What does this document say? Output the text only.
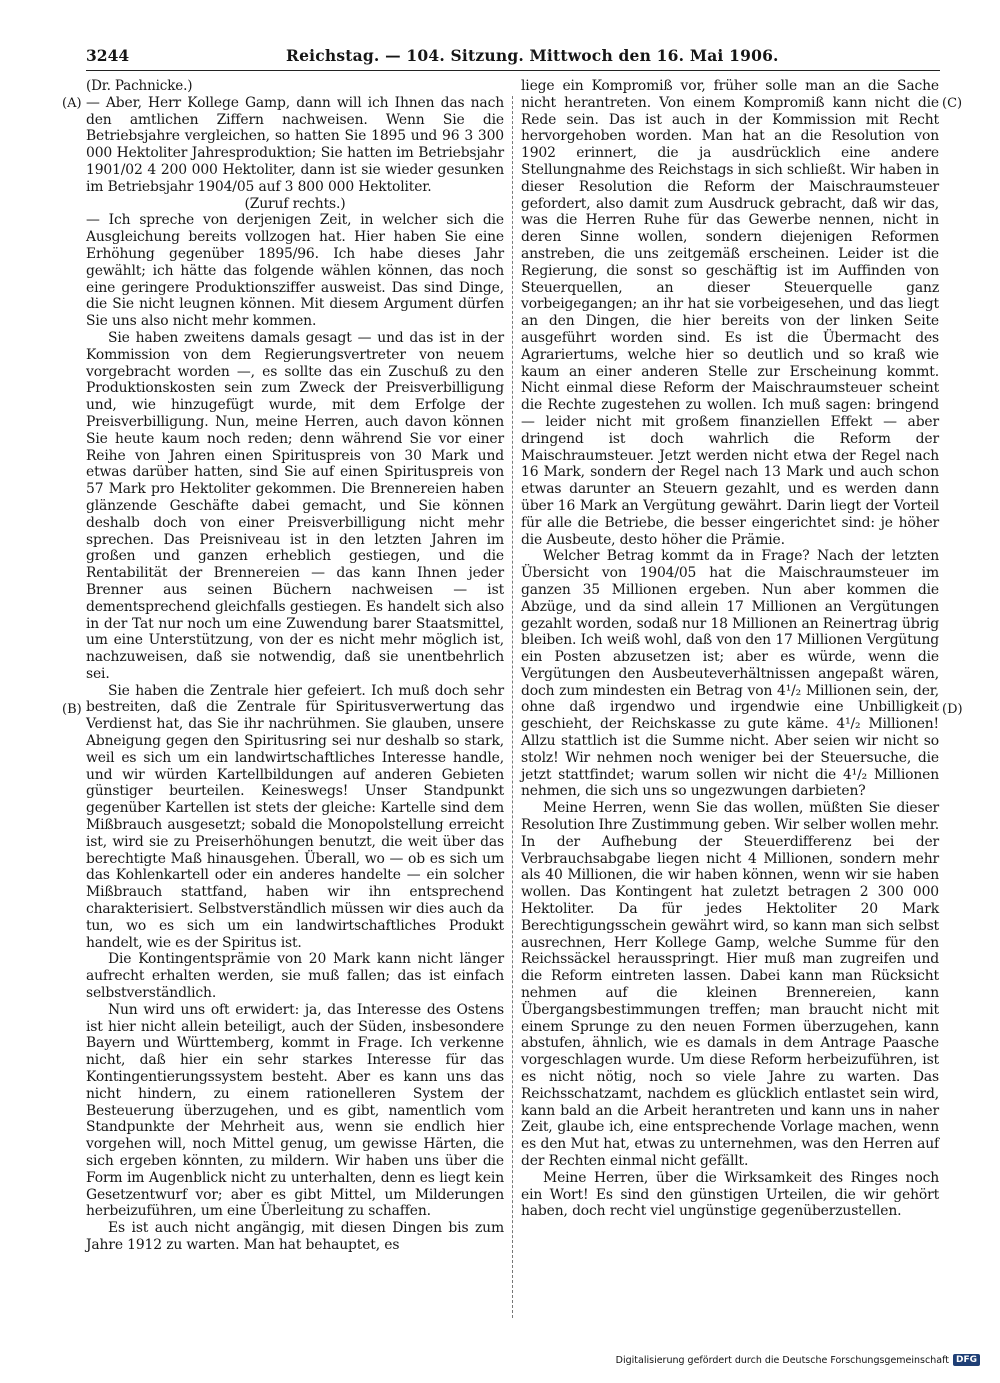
3244	Reichstag. — 104. Sitzung. Mittwoch den 16. Mai 1906.
(A)
(B)
(C)
(D)

(Dr. Pachnicke.)

— Aber, Herr Kollege Gamp, dann will ich Ihnen das nach den amtlichen Ziffern nachweisen. Wenn Sie die Betriebsjahre vergleichen, so hatten Sie 1895 und 96 3 300 000 Hektoliter Jahresproduktion; Sie hatten im Betriebsjahr 1901/02 4 200 000 Hektoliter, dann ist sie wieder gesunken im Betriebsjahr 1904/05 auf 3 800 000 Hektoliter.

(Zuruf rechts.)

— Ich spreche von derjenigen Zeit, in welcher sich die Ausgleichung bereits vollzogen hat. Hier haben Sie eine Erhöhung gegenüber 1895/96. Ich habe dieses Jahr gewählt; ich hätte das folgende wählen können, das noch eine geringere Produktionsziffer ausweist. Das sind Dinge, die Sie nicht leugnen können. Mit diesem Argument dürfen Sie uns also nicht mehr kommen.

Sie haben zweitens damals gesagt — und das ist in der Kommission von dem Regierungsvertreter von neuem vorgebracht worden —, es sollte das ein Zuschuß zu den Produktionskosten sein zum Zweck der Preisverbilligung und, wie hinzugefügt wurde, mit dem Erfolge der Preisverbilligung. Nun, meine Herren, auch davon können Sie heute kaum noch reden; denn während Sie vor einer Reihe von Jahren einen Spirituspreis von 30 Mark und etwas darüber hatten, sind Sie auf einen Spirituspreis von 57 Mark pro Hektoliter gekommen. Die Brennereien haben glänzende Geschäfte dabei gemacht, und Sie können deshalb doch von einer Preisverbilligung nicht mehr sprechen. Das Preisniveau ist in den letzten Jahren im großen und ganzen erheblich gestiegen, und die Rentabilität der Brennereien — das kann Ihnen jeder Brenner aus seinen Büchern nachweisen — ist dementsprechend gleichfalls gestiegen. Es handelt sich also in der Tat nur noch um eine Zuwendung barer Staatsmittel, um eine Unterstützung, von der es nicht mehr möglich ist, nachzuweisen, daß sie notwendig, daß sie unentbehrlich sei.

Sie haben die Zentrale hier gefeiert. Ich muß doch sehr bestreiten, daß die Zentrale für Spiritusverwertung das Verdienst hat, das Sie ihr nachrühmen. Sie glauben, unsere Abneigung gegen den Spiritusring sei nur deshalb so stark, weil es sich um ein landwirtschaftliches Interesse handle, und wir würden Kartellbildungen auf anderen Gebieten günstiger beurteilen. Keineswegs! Unser Standpunkt gegenüber Kartellen ist stets der gleiche: Kartelle sind dem Mißbrauch ausgesetzt; sobald die Monopolstellung erreicht ist, wird sie zu Preiserhöhungen benutzt, die weit über das berechtigte Maß hinausgehen. Überall, wo — ob es sich um das Kohlenkartell oder ein anderes handelte — ein solcher Mißbrauch stattfand, haben wir ihn entsprechend charakterisiert. Selbstverständlich müssen wir dies auch da tun, wo es sich um ein landwirtschaftliches Produkt handelt, wie es der Spiritus ist.

Die Kontingentsprämie von 20 Mark kann nicht länger aufrecht erhalten werden, sie muß fallen; das ist einfach selbstverständlich.

Nun wird uns oft erwidert: ja, das Interesse des Ostens ist hier nicht allein beteiligt, auch der Süden, insbesondere Bayern und Württemberg, kommt in Frage. Ich verkenne nicht, daß hier ein sehr starkes Interesse für das Kontingentierungssystem besteht. Aber es kann uns das nicht hindern, zu einem rationelleren System der Besteuerung überzugehen, und es gibt, namentlich vom Standpunkte der Mehrheit aus, wenn sie endlich hier vorgehen will, noch Mittel genug, um gewisse Härten, die sich ergeben könnten, zu mildern. Wir haben uns über die Form im Augenblick nicht zu unterhalten, denn es liegt kein Gesetzentwurf vor; aber es gibt Mittel, um Milderungen herbeizuführen, um eine Überleitung zu schaffen.

Es ist auch nicht angängig, mit diesen Dingen bis zum Jahre 1912 zu warten. Man hat behauptet, es

liege ein Kompromiß vor, früher solle man an die Sache nicht herantreten. Von einem Kompromiß kann nicht die Rede sein. Das ist auch in der Kommission mit Recht hervorgehoben worden. Man hat an die Resolution von 1902 erinnert, die ja ausdrücklich eine andere Stellungnahme des Reichstags in sich schließt. Wir haben in dieser Resolution die Reform der Maischraumsteuer gefordert, also damit zum Ausdruck gebracht, daß wir das, was die Herren Ruhe für das Gewerbe nennen, nicht in deren Sinne wollen, sondern diejenigen Reformen anstreben, die uns zeitgemäß erscheinen. Leider ist die Regierung, die sonst so geschäftig ist im Auffinden von Steuerquellen, an dieser Steuerquelle ganz vorbeigegangen; an ihr hat sie vorbeigesehen, und das liegt an den Dingen, die hier bereits von der linken Seite ausgeführt worden sind. Es ist die Übermacht des Agrariertums, welche hier so deutlich und so kraß wie kaum an einer anderen Stelle zur Erscheinung kommt. Nicht einmal diese Reform der Maischraumsteuer scheint die Rechte zugestehen zu wollen. Ich muß sagen: bringend — leider nicht mit großem finanziellen Effekt — aber dringend ist doch wahrlich die Reform der Maischraumsteuer. Jetzt werden nicht etwa der Regel nach 16 Mark, sondern der Regel nach 13 Mark und auch schon etwas darunter an Steuern gezahlt, und es werden dann über 16 Mark an Vergütung gewährt. Darin liegt der Vorteil für alle die Betriebe, die besser eingerichtet sind: je höher die Ausbeute, desto höher die Prämie.

Welcher Betrag kommt da in Frage? Nach der letzten Übersicht von 1904/05 hat die Maischraumsteuer im ganzen 35 Millionen ergeben. Nun aber kommen die Abzüge, und da sind allein 17 Millionen an Vergütungen gezahlt worden, sodaß nur 18 Millionen an Reinertrag übrig bleiben. Ich weiß wohl, daß von den 17 Millionen Vergütung ein Posten abzusetzen ist; aber es würde, wenn die Vergütungen den Ausbeuteverhältnissen angepaßt wären, doch zum mindesten ein Betrag von 4¹/₂ Millionen sein, der, ohne daß irgendwo und irgendwie eine Unbilligkeit geschieht, der Reichskasse zu gute käme. 4¹/₂ Millionen! Allzu stattlich ist die Summe nicht. Aber seien wir nicht so stolz! Wir nehmen noch weniger bei der Steuersuche, die jetzt stattfindet; warum sollen wir nicht die 4¹/₂ Millionen nehmen, die sich uns so ungezwungen darbieten?

Meine Herren, wenn Sie das wollen, müßten Sie dieser Resolution Ihre Zustimmung geben. Wir selber wollen mehr. In der Aufhebung der Steuerdifferenz bei der Verbrauchsabgabe liegen nicht 4 Millionen, sondern mehr als 40 Millionen, die wir haben können, wenn wir sie haben wollen. Das Kontingent hat zuletzt betragen 2 300 000 Hektoliter. Da für jedes Hektoliter 20 Mark Berechtigungsschein gewährt wird, so kann man sich selbst ausrechnen, Herr Kollege Gamp, welche Summe für den Reichssäckel herausspringt. Hier muß man zugreifen und die Reform eintreten lassen. Dabei kann man Rücksicht nehmen auf die kleinen Brennereien, kann Übergangsbestimmungen treffen; man braucht nicht mit einem Sprunge zu den neuen Formen überzugehen, kann abstufen, ähnlich, wie es damals in dem Antrage Paasche vorgeschlagen wurde. Um diese Reform herbeizuführen, ist es nicht nötig, noch so viele Jahre zu warten. Das Reichsschatzamt, nachdem es glücklich entlastet sein wird, kann bald an die Arbeit herantreten und kann uns in naher Zeit, glaube ich, eine entsprechende Vorlage machen, wenn es den Mut hat, etwas zu unternehmen, was den Herren auf der Rechten einmal nicht gefällt.

Meine Herren, über die Wirksamkeit des Ringes noch ein Wort! Es sind den günstigen Urteilen, die wir gehört haben, doch recht viel ungünstige gegenüberzustellen.

Digitalisierung gefördert durch die Deutsche Forschungsgemeinschaft DFG
